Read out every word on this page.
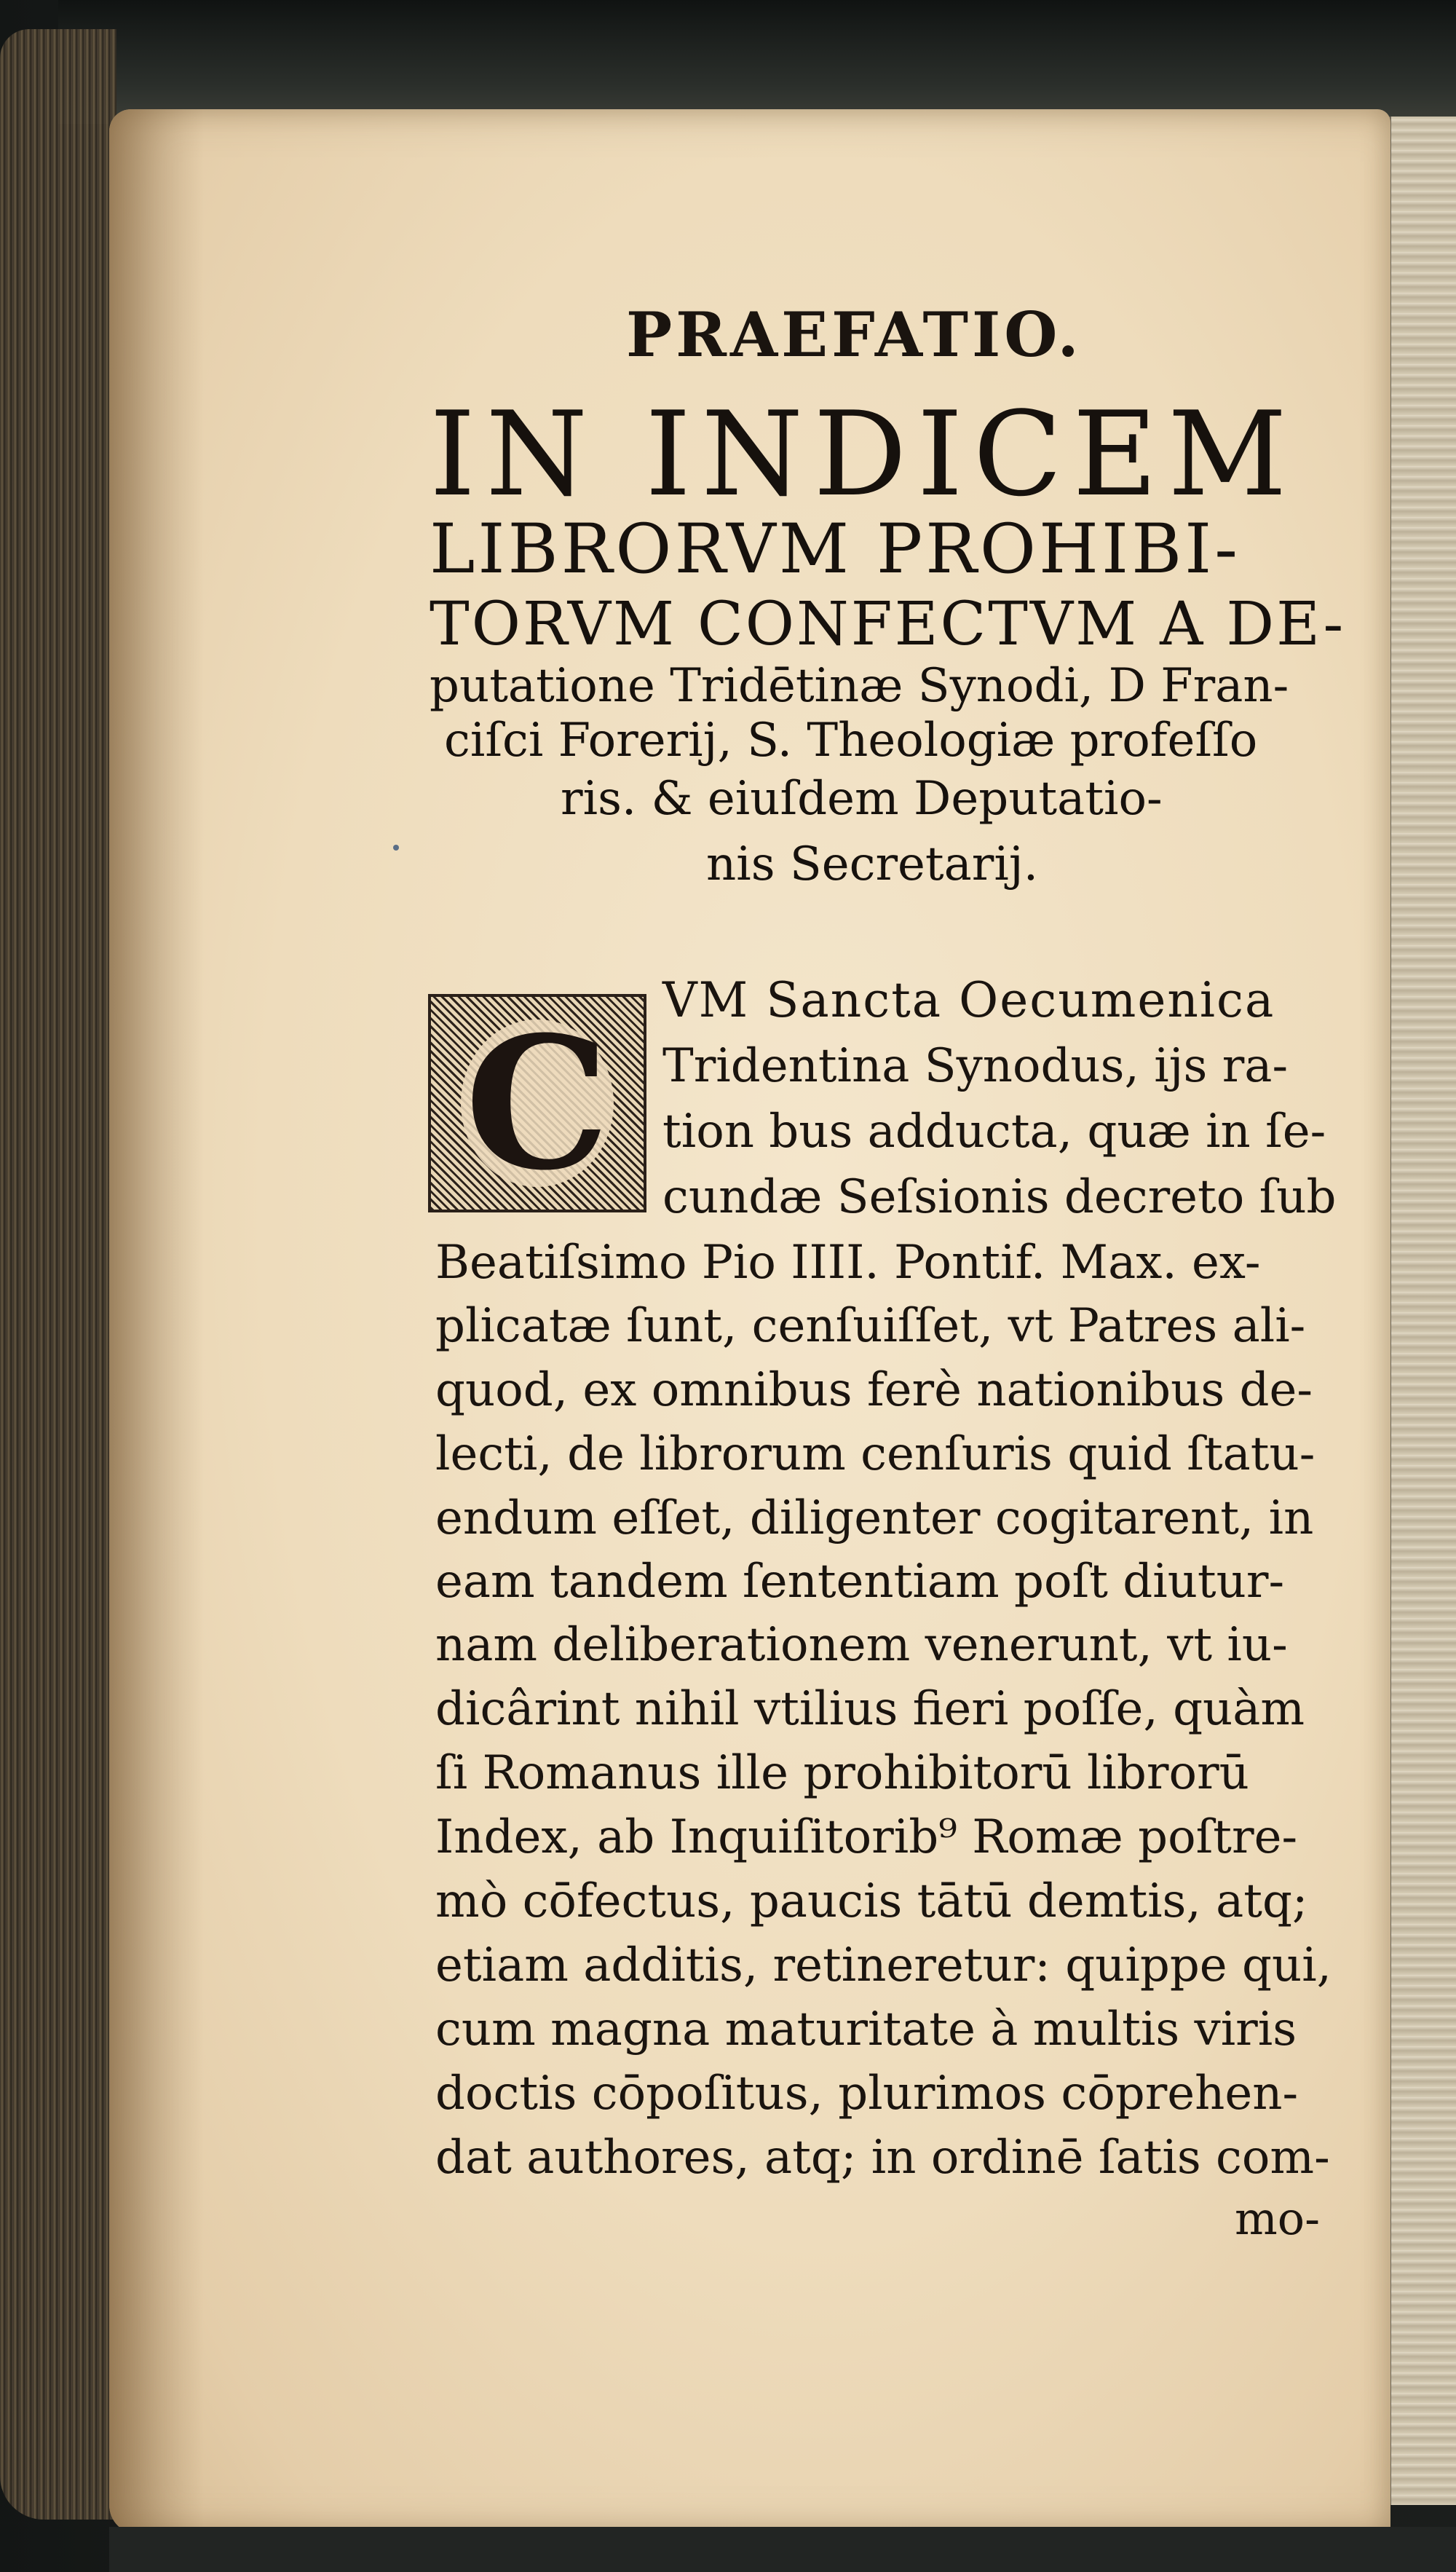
PRAEFATIO.
IN INDICEM
LIBRORVM PROHIBI-
TORVM CONFECTVM A DE-
putatione Tridētinæ Synodi, D Fran-
ciſci Forerij, S. Theologiæ profeſſo
ris. & eiuſdem Deputatio-
nis Secretarij.
C VM Sancta Oecumenica
Tridentina Synodus, ijs ra-
tion bus adducta, quæ in ſe-
cundæ Seſsionis decreto ſub
Beatiſsimo Pio IIII. Pontif. Max. ex-
plicatæ ſunt, cenſuiſſet, vt Patres ali-
quod, ex omnibus ferè nationibus de-
lecti, de librorum cenſuris quid ſtatu-
endum eſſet, diligenter cogitarent, in
eam tandem ſententiam poſt diutur-
nam deliberationem venerunt, vt iu-
dicârint nihil vtilius fieri poſſe, quàm
ſi Romanus ille prohibitorū librorū
Index, ab Inquiſitorib⁹ Romæ poſtre-
mò cōfectus, paucis tātū demtis, atq;
etiam additis, retineretur: quippe qui,
cum magna maturitate à multis viris
doctis cōpoſitus, plurimos cōprehen-
dat authores, atq; in ordinē ſatis com-
mo-
